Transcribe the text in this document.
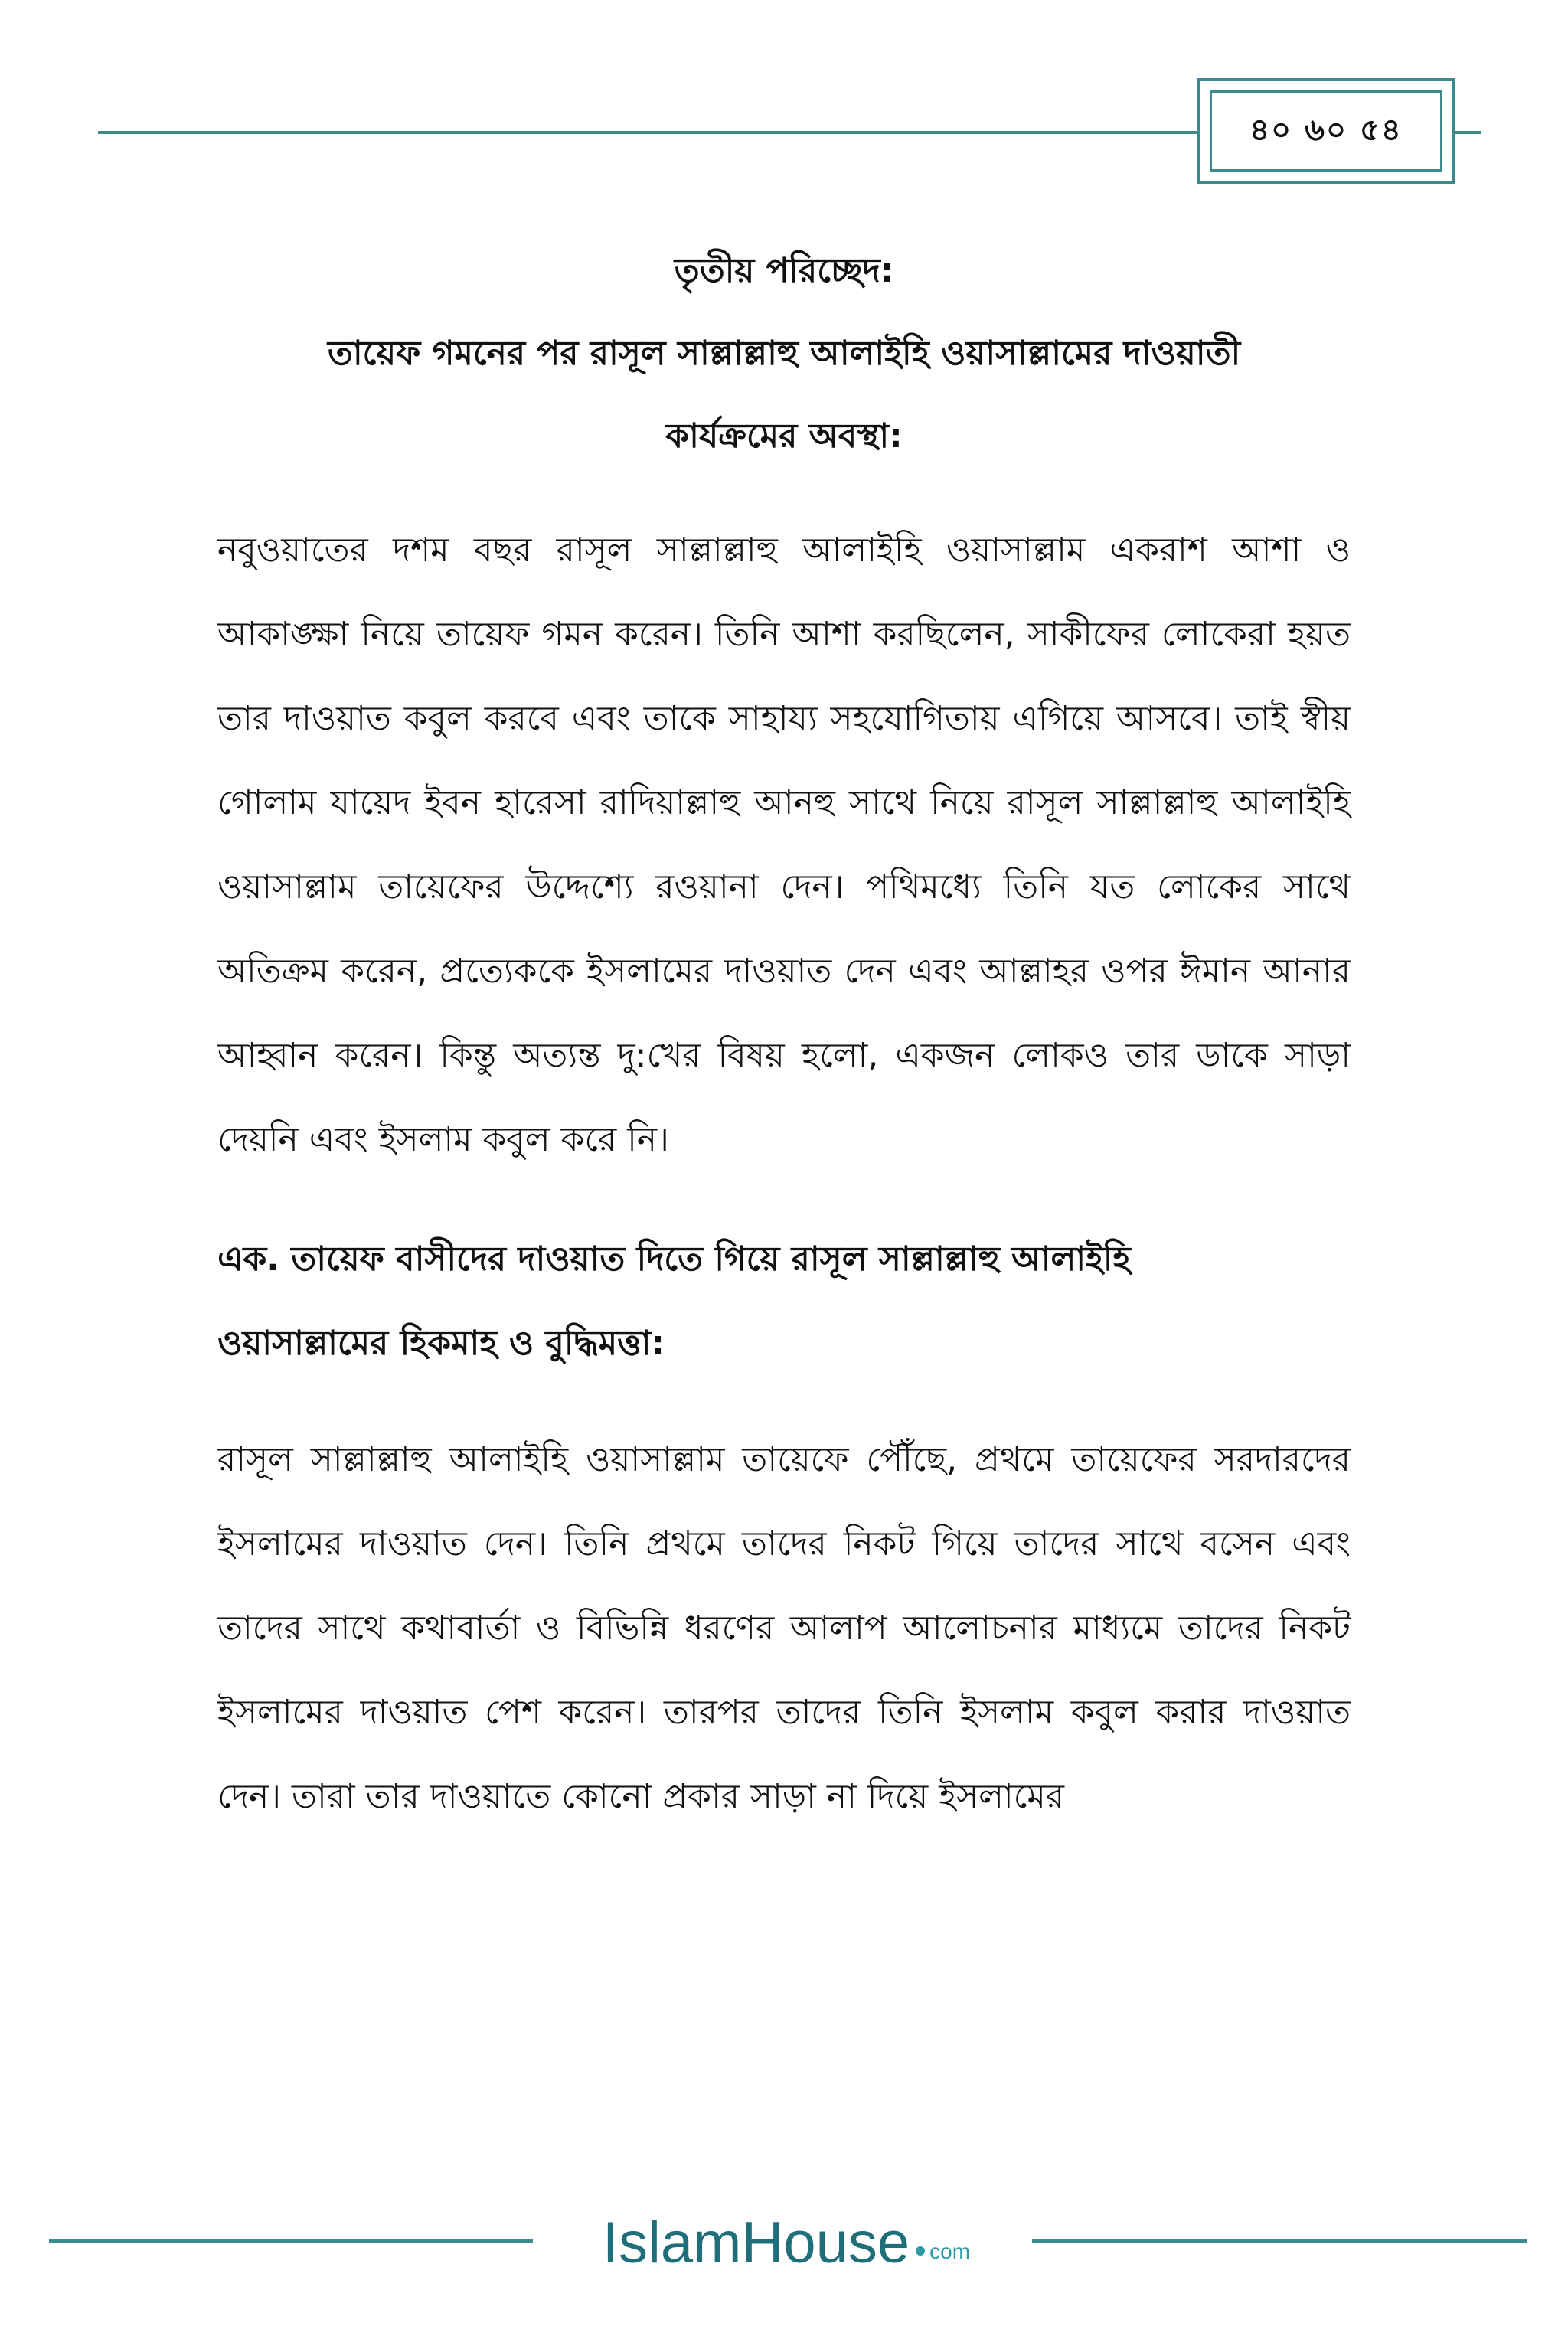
৪০ ৬০ ৫৪
তৃতীয় পরিচ্ছেদ:
তায়েফ গমনের পর রাসূল সাল্লাল্লাহু আলাইহি ওয়াসাল্লামের দাওয়াতী
কার্যক্রমের অবস্থা:

নবুওয়াতের দশম বছর রাসূল সাল্লাল্লাহু আলাইহি ওয়াসাল্লাম একরাশ আশা ও আকাঙ্ক্ষা নিয়ে তায়েফ গমন করেন। তিনি আশা করছিলেন, সাকীফের লোকেরা হয়ত তার দাওয়াত কবুল করবে এবং তাকে সাহায্য সহযোগিতায় এগিয়ে আসবে। তাই স্বীয় গোলাম যায়েদ ইবন হারেসা রাদিয়াল্লাহু আনহু সাথে নিয়ে রাসূল সাল্লাল্লাহু আলাইহি ওয়াসাল্লাম তায়েফের উদ্দেশ্যে রওয়ানা দেন। পথিমধ্যে তিনি যত লোকের সাথে অতিক্রম করেন, প্রত্যেককে ইসলামের দাওয়াত দেন এবং আল্লাহর ওপর ঈমান আনার আহ্বান করেন। কিন্তু অত্যন্ত দু:খের বিষয় হলো, একজন লোকও তার ডাকে সাড়া দেয়নি এবং ইসলাম কবুল করে নি।

এক. তায়েফ বাসীদের দাওয়াত দিতে গিয়ে রাসূল সাল্লাল্লাহু আলাইহি
ওয়াসাল্লামের হিকমাহ ও বুদ্ধিমত্তা:

রাসূল সাল্লাল্লাহু আলাইহি ওয়াসাল্লাম তায়েফে পৌঁছে, প্রথমে তায়েফের সরদারদের ইসলামের দাওয়াত দেন। তিনি প্রথমে তাদের নিকট গিয়ে তাদের সাথে বসেন এবং তাদের সাথে কথাবার্তা ও বিভিন্নি ধরণের আলাপ আলোচনার মাধ্যমে তাদের নিকট ইসলামের দাওয়াত পেশ করেন। তারপর তাদের তিনি ইসলাম কবুল করার দাওয়াত দেন। তারা তার দাওয়াতে কোনো প্রকার সাড়া না দিয়ে ইসলামের

IslamHouse com
